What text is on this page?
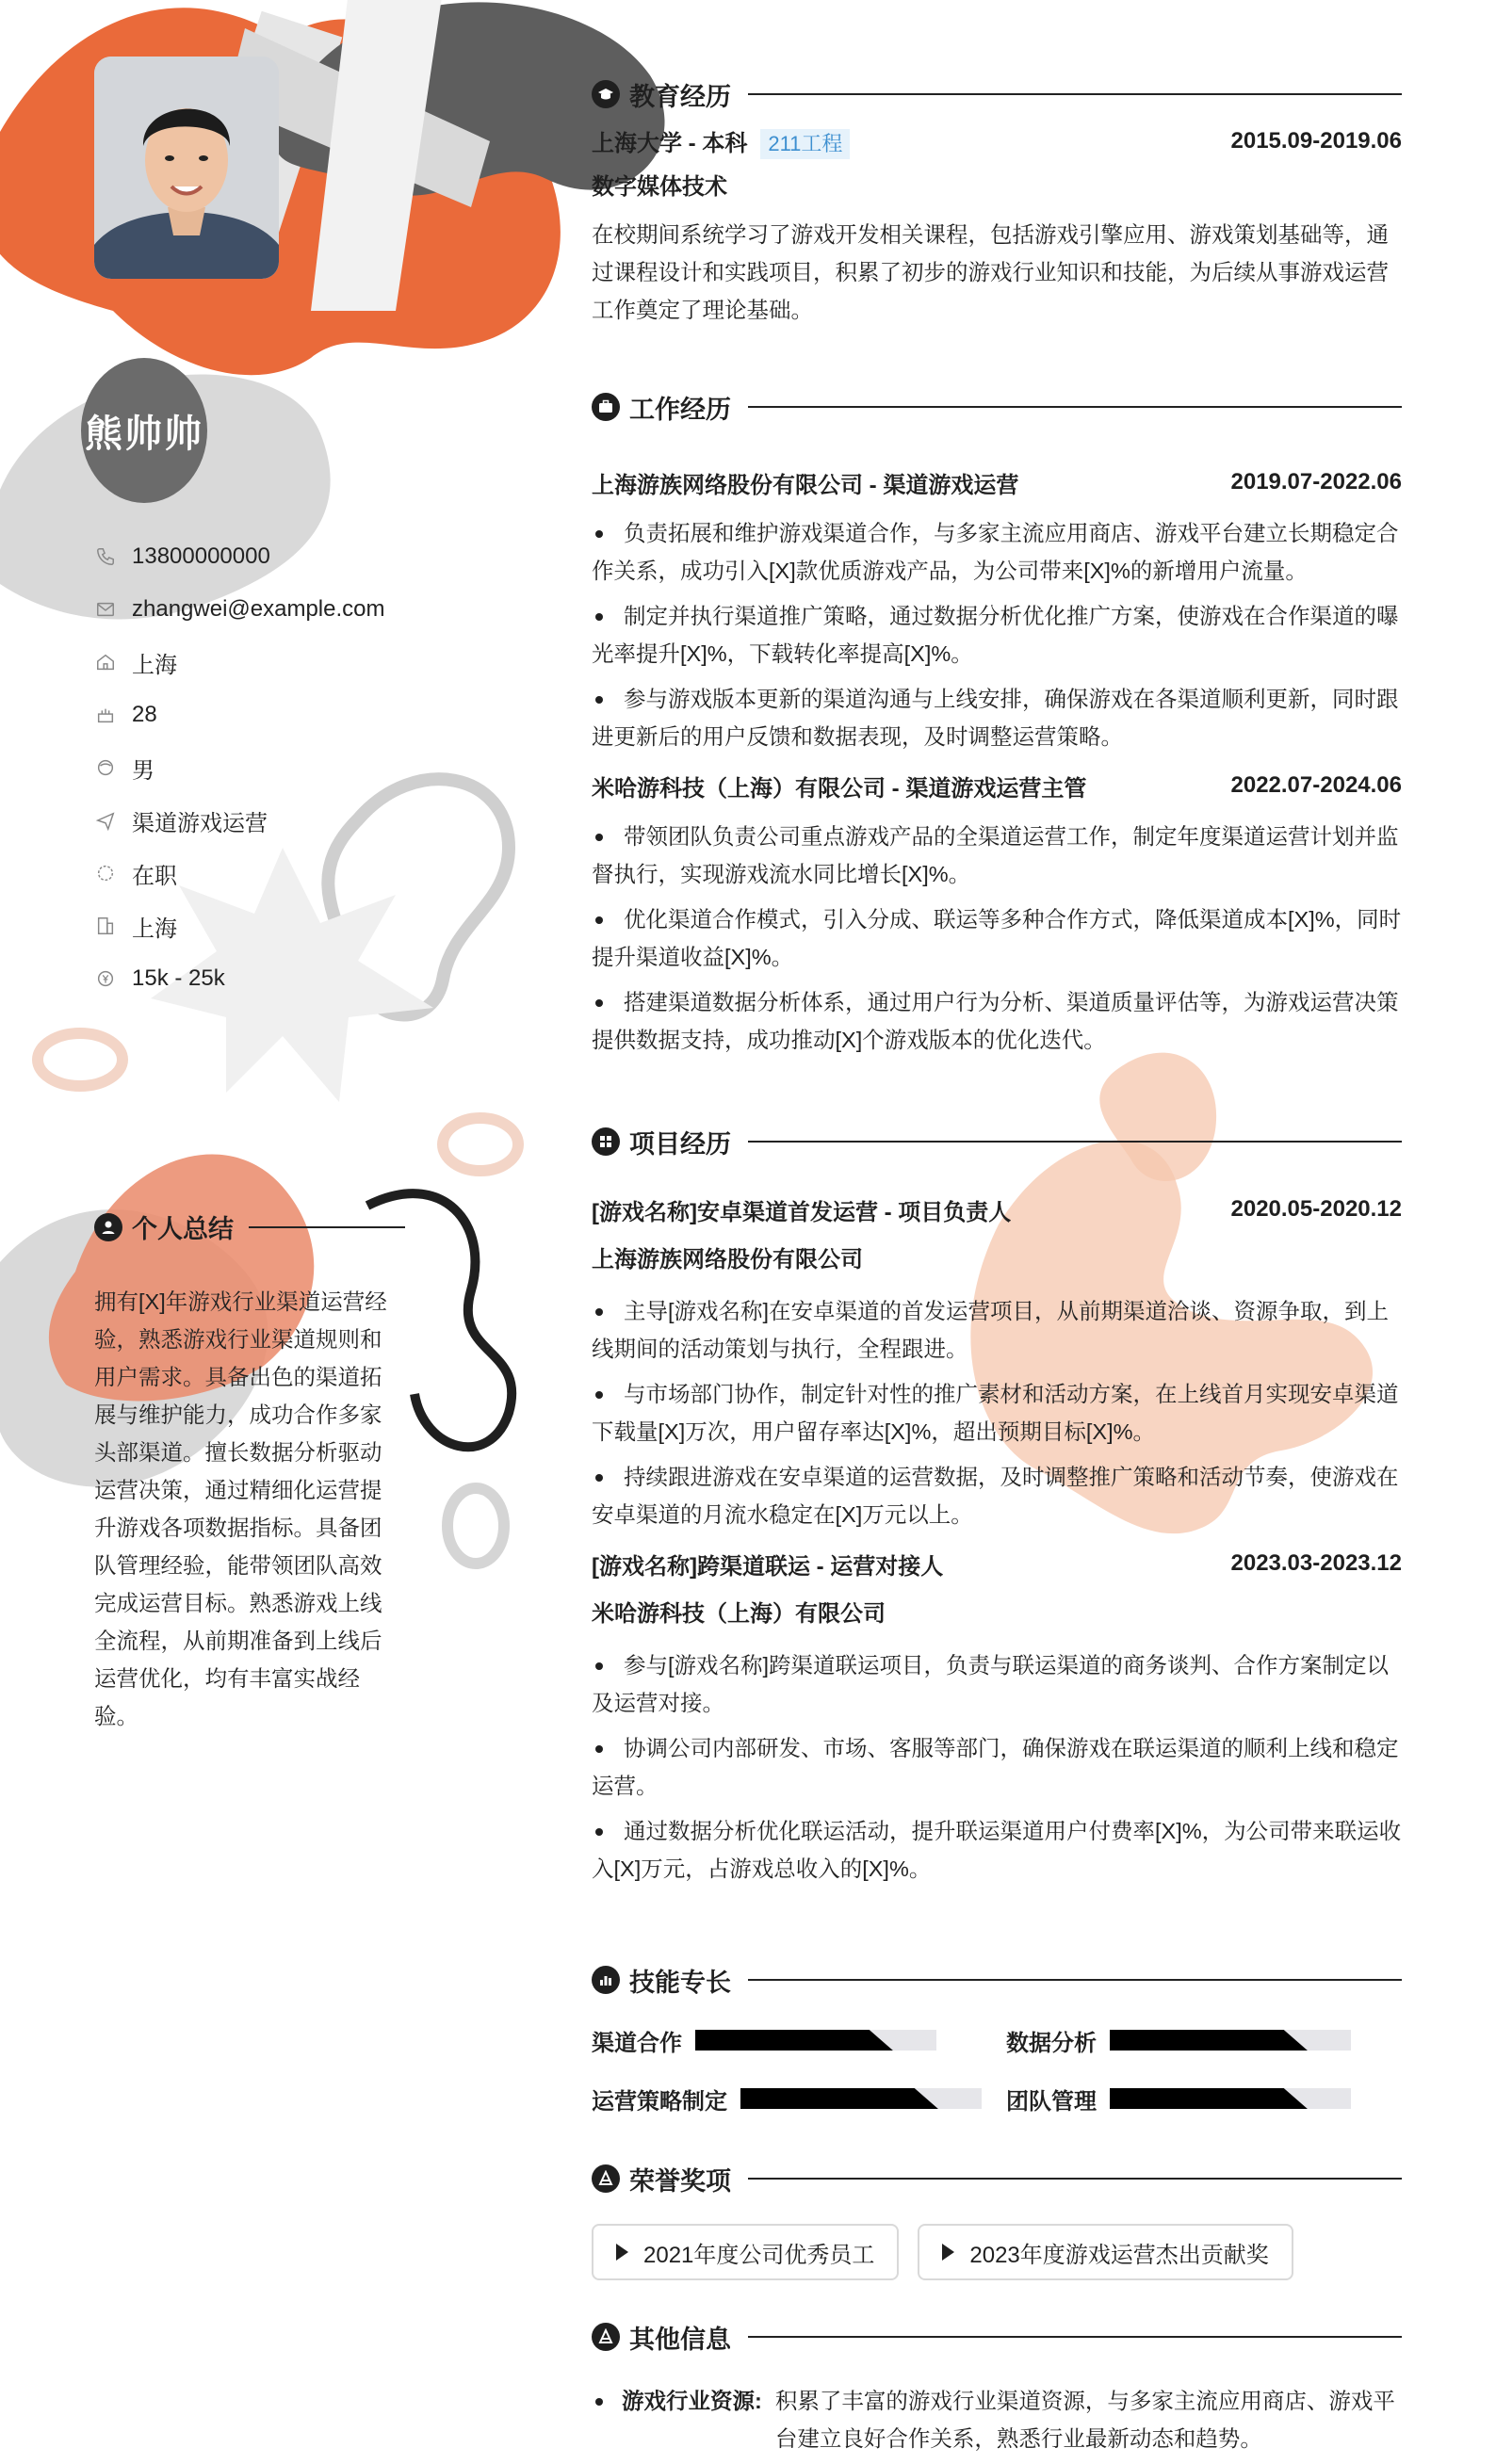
熊帅帅
13800000000
zhangwei@example.com
上海
28
男
渠道游戏运营
在职
上海
15k - 25k
个人总结
拥有[X]年游戏行业渠道运营经验，熟悉游戏行业渠道规则和用户需求。具备出色的渠道拓展与维护能力，成功合作多家头部渠道。擅长数据分析驱动运营决策，通过精细化运营提升游戏各项数据指标。具备团队管理经验，能带领团队高效完成运营目标。熟悉游戏上线全流程，从前期准备到上线后运营优化，均有丰富实战经验。
教育经历
上海大学 - 本科 211工程	2015.09-2019.06
数字媒体技术
在校期间系统学习了游戏开发相关课程，包括游戏引擎应用、游戏策划基础等，通过课程设计和实践项目，积累了初步的游戏行业知识和技能，为后续从事游戏运营工作奠定了理论基础。
工作经历
上海游族网络股份有限公司 - 渠道游戏运营	2019.07-2022.06
负责拓展和维护游戏渠道合作，与多家主流应用商店、游戏平台建立长期稳定合作关系，成功引入[X]款优质游戏产品，为公司带来[X]%的新增用户流量。
制定并执行渠道推广策略，通过数据分析优化推广方案，使游戏在合作渠道的曝光率提升[X]%，下载转化率提高[X]%。
参与游戏版本更新的渠道沟通与上线安排，确保游戏在各渠道顺利更新，同时跟进更新后的用户反馈和数据表现，及时调整运营策略。
米哈游科技（上海）有限公司 - 渠道游戏运营主管	2022.07-2024.06
带领团队负责公司重点游戏产品的全渠道运营工作，制定年度渠道运营计划并监督执行，实现游戏流水同比增长[X]%。
优化渠道合作模式，引入分成、联运等多种合作方式，降低渠道成本[X]%，同时提升渠道收益[X]%。
搭建渠道数据分析体系，通过用户行为分析、渠道质量评估等，为游戏运营决策提供数据支持，成功推动[X]个游戏版本的优化迭代。
项目经历
[游戏名称]安卓渠道首发运营 - 项目负责人	2020.05-2020.12
上海游族网络股份有限公司
主导[游戏名称]在安卓渠道的首发运营项目，从前期渠道洽谈、资源争取，到上线期间的活动策划与执行，全程跟进。
与市场部门协作，制定针对性的推广素材和活动方案，在上线首月实现安卓渠道下载量[X]万次，用户留存率达[X]%，超出预期目标[X]%。
持续跟进游戏在安卓渠道的运营数据，及时调整推广策略和活动节奏，使游戏在安卓渠道的月流水稳定在[X]万元以上。
[游戏名称]跨渠道联运 - 运营对接人	2023.03-2023.12
米哈游科技（上海）有限公司
参与[游戏名称]跨渠道联运项目，负责与联运渠道的商务谈判、合作方案制定以及运营对接。
协调公司内部研发、市场、客服等部门，确保游戏在联运渠道的顺利上线和稳定运营。
通过数据分析优化联运活动，提升联运渠道用户付费率[X]%，为公司带来联运收入[X]万元，占游戏总收入的[X]%。
技能专长
渠道合作	数据分析
运营策略制定	团队管理
荣誉奖项
2021年度公司优秀员工	2023年度游戏运营杰出贡献奖
其他信息
游戏行业资源: 积累了丰富的游戏行业渠道资源，与多家主流应用商店、游戏平台建立良好合作关系，熟悉行业最新动态和趋势。
